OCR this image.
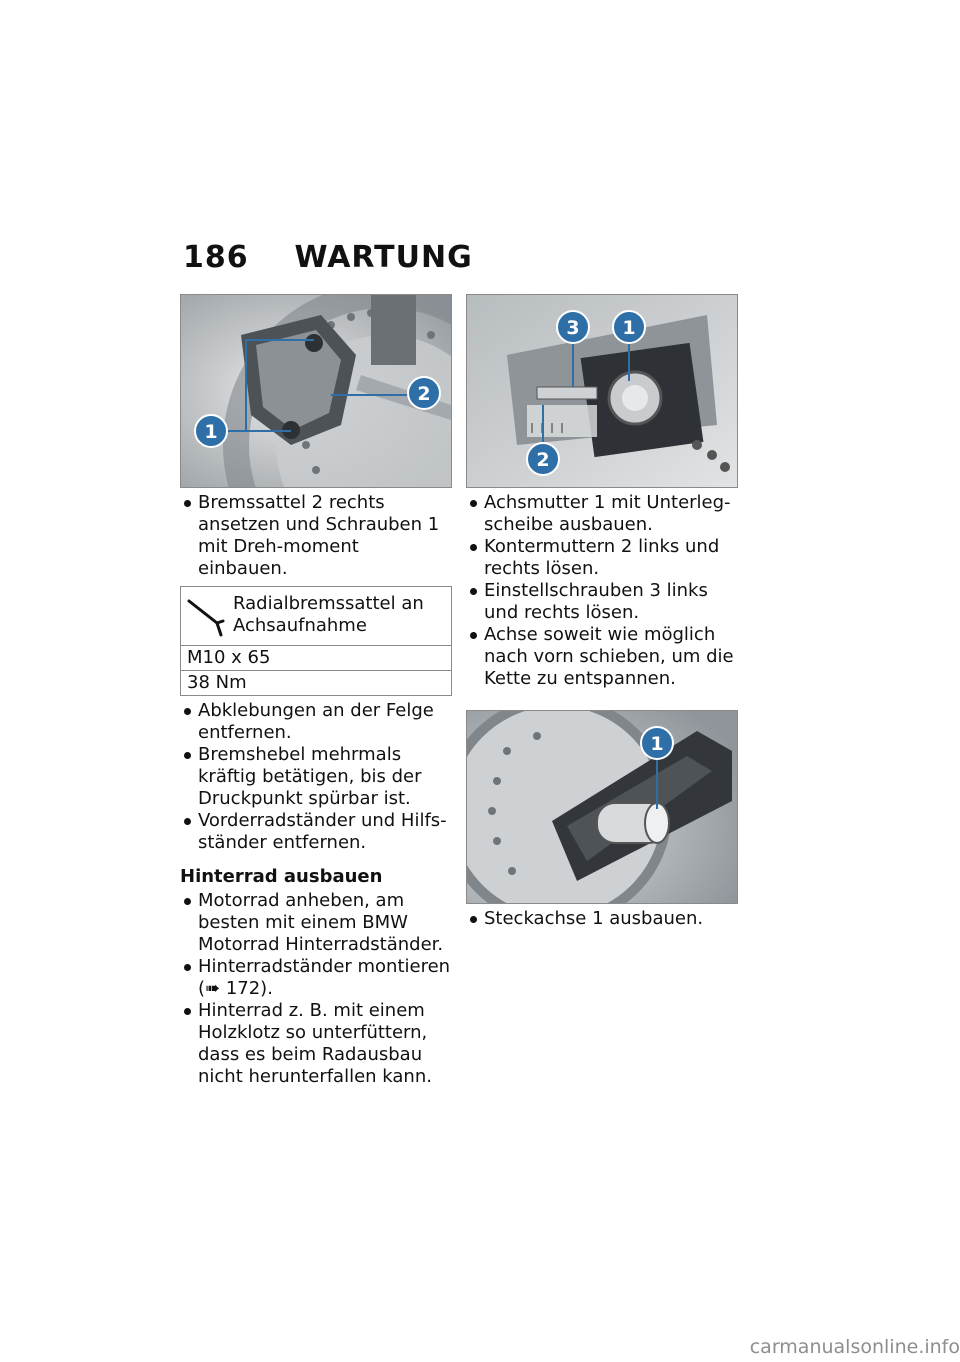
186 WARTUNG
1
2
Bremssattel 2 rechts ansetzen und Schrauben 1 mit Dreh-moment einbauen.
Radialbremssattel an Achsaufnahme
M10 x 65
38 Nm
Abklebungen an der Felge entfernen.
Bremshebel mehrmals kräftig betätigen, bis der Druckpunkt spürbar ist.
Vorderradständer und Hilfs-ständer entfernen.
Hinterrad ausbauen
Motorrad anheben, am besten mit einem BMW Motorrad Hinterradständer.
Hinterradständer montieren (➠ 172).
Hinterrad z. B. mit einem Holzklotz so unterfüttern, dass es beim Radausbau nicht herunterfallen kann.
3 1
2
Achsmutter 1 mit Unterleg-scheibe ausbauen.
Kontermuttern 2 links und rechts lösen.
Einstellschrauben 3 links und rechts lösen.
Achse soweit wie möglich nach vorn schieben, um die Kette zu entspannen.
1
Steckachse 1 ausbauen.
carmanualsonline.info
